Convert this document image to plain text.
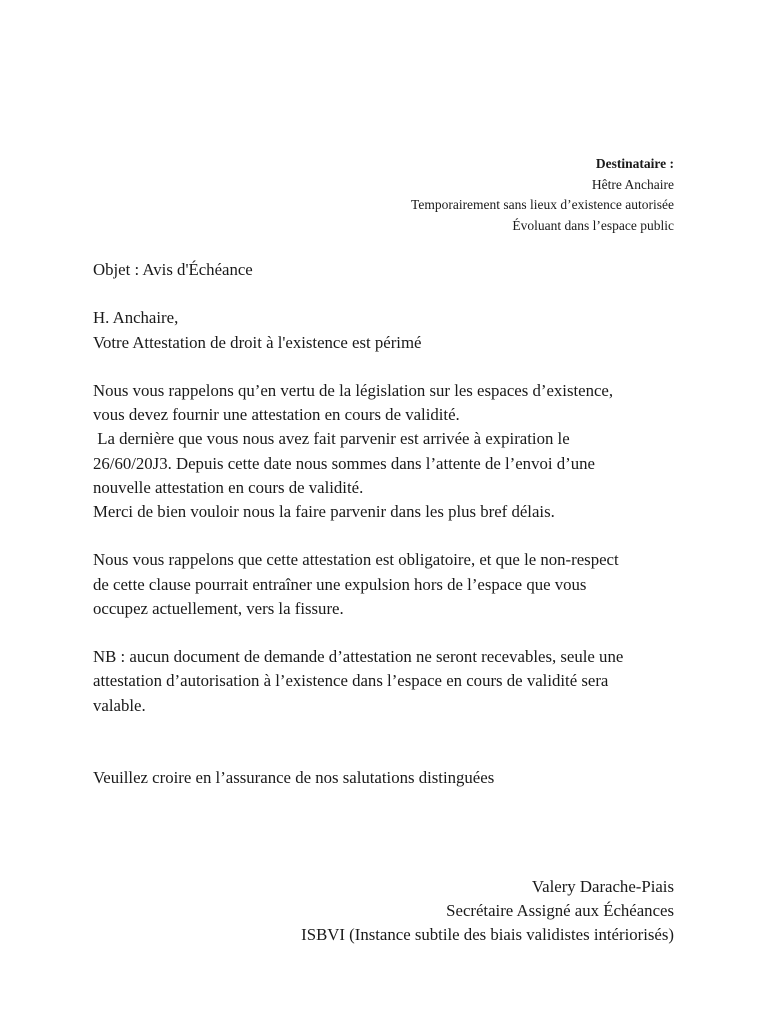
Destinataire :
Hêtre Anchaire
Temporairement sans lieux d’existence autorisée
Évoluant dans l’espace public
Objet : Avis d'Échéance
H. Anchaire,
Votre Attestation de droit à l'existence est périmé
Nous vous rappelons qu’en vertu de la législation sur les espaces d’existence,
vous devez fournir une attestation en cours de validité.
La dernière que vous nous avez fait parvenir est arrivée à expiration le
26/60/20J3. Depuis cette date nous sommes dans l’attente de l’envoi d’une
nouvelle attestation en cours de validité.
Merci de bien vouloir nous la faire parvenir dans les plus bref délais.
Nous vous rappelons que cette attestation est obligatoire, et que le non-respect
de cette clause pourrait entraîner une expulsion hors de l’espace que vous
occupez actuellement, vers la fissure.
NB : aucun document de demande d’attestation ne seront recevables, seule une
attestation d’autorisation à l’existence dans l’espace en cours de validité sera
valable.
Veuillez croire en l’assurance de nos salutations distinguées
Valery Darache-Piais
Secrétaire Assigné aux Échéances
ISBVI (Instance subtile des biais validistes intériorisés)
